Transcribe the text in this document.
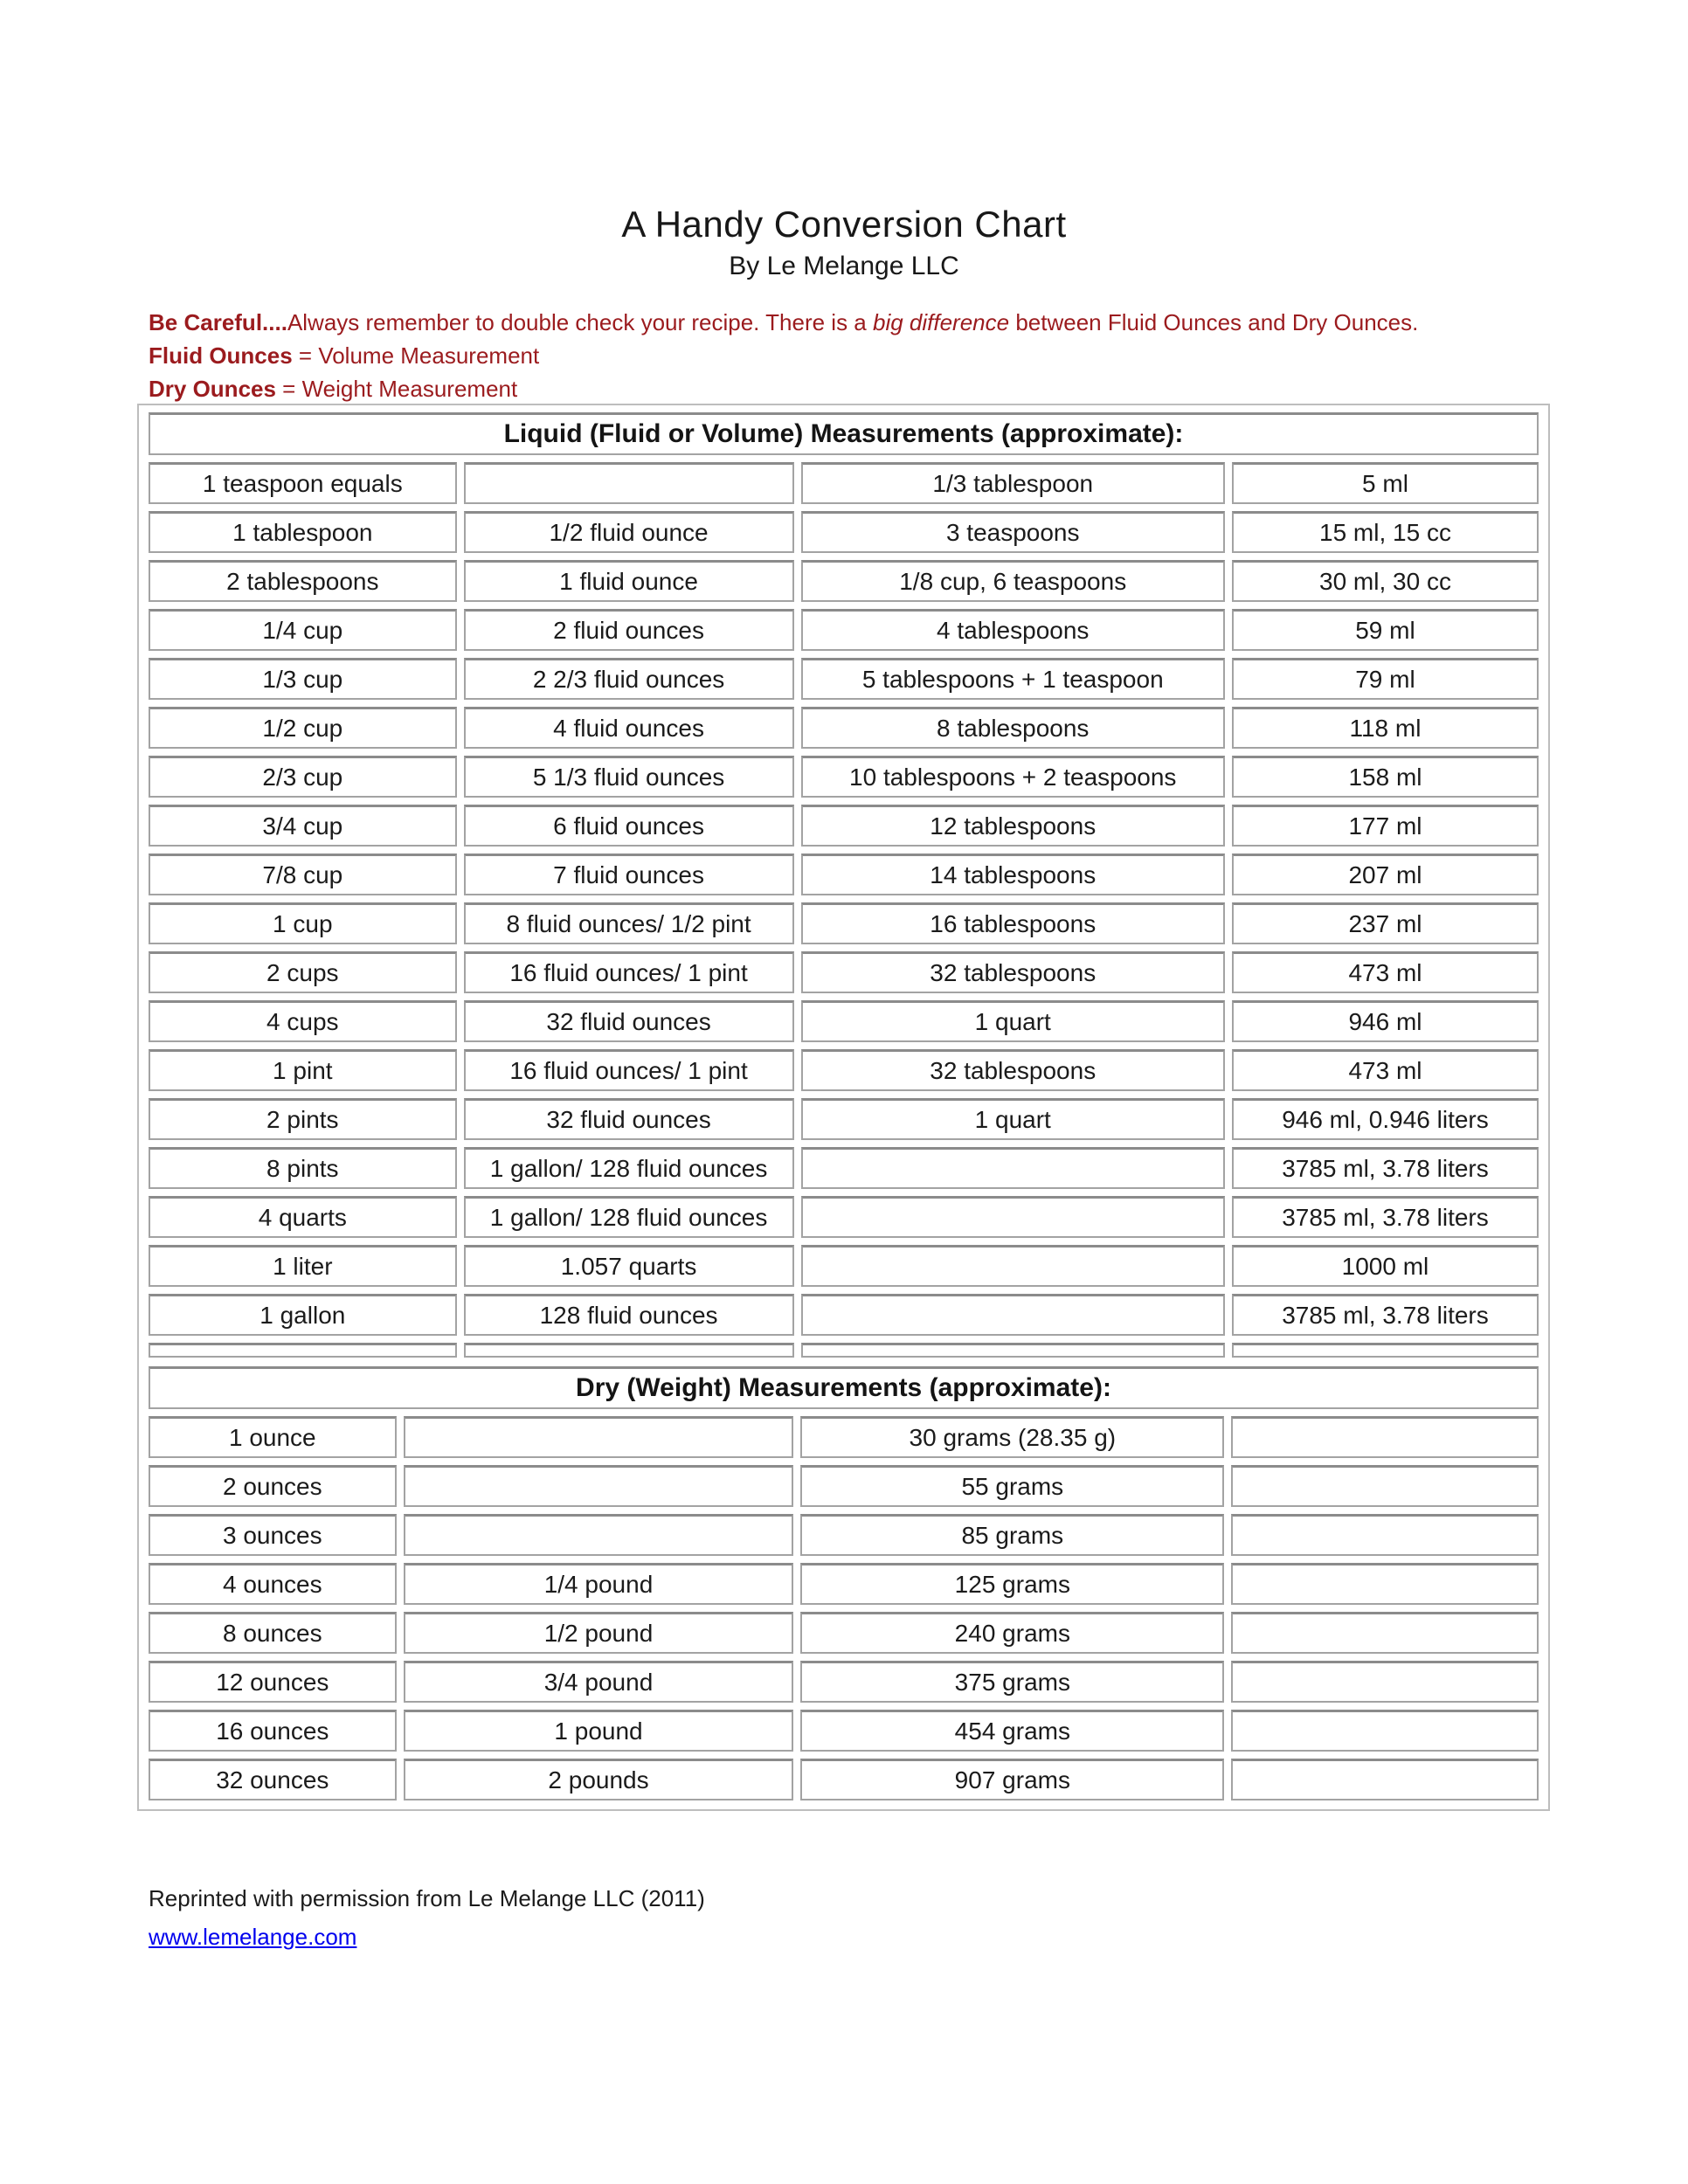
A Handy Conversion Chart
By Le Melange LLC

Be Careful....Always remember to double check your recipe. There is a big difference between Fluid Ounces and Dry Ounces.

Fluid Ounces = Volume Measurement

Dry Ounces = Weight Measurement

Liquid (Fluid or Volume) Measurements (approximate):			
1 teaspoon equals		1/3 tablespoon	5 ml
1 tablespoon	1/2 fluid ounce	3 teaspoons	15 ml, 15 cc
2 tablespoons	1 fluid ounce	1/8 cup, 6 teaspoons	30 ml, 30 cc
1/4 cup	2 fluid ounces	4 tablespoons	59 ml
1/3 cup	2 2/3 fluid ounces	5 tablespoons + 1 teaspoon	79 ml
1/2 cup	4 fluid ounces	8 tablespoons	118 ml
2/3 cup	5 1/3 fluid ounces	10 tablespoons + 2 teaspoons	158 ml
3/4 cup	6 fluid ounces	12 tablespoons	177 ml
7/8 cup	7 fluid ounces	14 tablespoons	207 ml
1 cup	8 fluid ounces/ 1/2 pint	16 tablespoons	237 ml
2 cups	16 fluid ounces/ 1 pint	32 tablespoons	473 ml
4 cups	32 fluid ounces	1 quart	946 ml
1 pint	16 fluid ounces/ 1 pint	32 tablespoons	473 ml
2 pints	32 fluid ounces	1 quart	946 ml, 0.946 liters
8 pints	1 gallon/ 128 fluid ounces		3785 ml, 3.78 liters
4 quarts	1 gallon/ 128 fluid ounces		3785 ml, 3.78 liters
1 liter	1.057 quarts		1000 ml
1 gallon	128 fluid ounces		3785 ml, 3.78 liters

Dry (Weight) Measurements (approximate):			
1 ounce		30 grams (28.35 g)	
2 ounces		55 grams	
3 ounces		85 grams	
4 ounces	1/4 pound	125 grams	
8 ounces	1/2 pound	240 grams	
12 ounces	3/4 pound	375 grams	
16 ounces	1 pound	454 grams	
32 ounces	2 pounds	907 grams	
Reprinted with permission from Le Melange LLC (2011)
www.lemelange.com
